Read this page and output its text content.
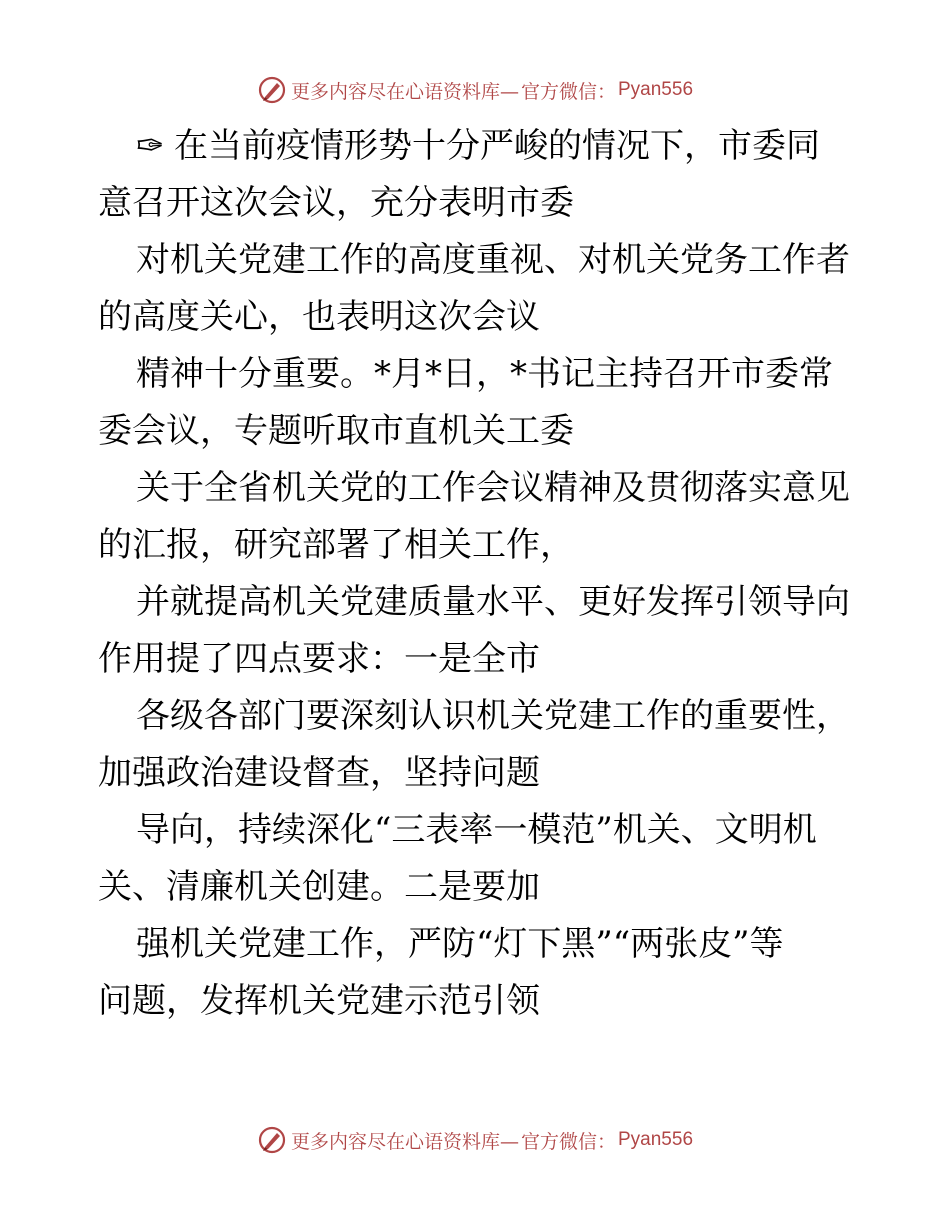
更多内容尽在心语资料库— 官方微信： Pyan556
✑ 在当前疫情形势十分严峻的情况下，市委同
意召开这次会议，充分表明市委
对机关党建工作的高度重视、对机关党务工作者
的高度关心，也表明这次会议
精神十分重要。*月*日，*书记主持召开市委常
委会议，专题听取市直机关工委
关于全省机关党的工作会议精神及贯彻落实意见
的汇报，研究部署了相关工作，
并就提高机关党建质量水平、更好发挥引领导向
作用提了四点要求：一是全市
各级各部门要深刻认识机关党建工作的重要性，
加强政治建设督查，坚持问题
导向，持续深化“三表率一模范”机关、文明机
关、清廉机关创建。二是要加
强机关党建工作，严防“灯下黑”“两张皮”等
问题，发挥机关党建示范引领
更多内容尽在心语资料库— 官方微信： Pyan556
